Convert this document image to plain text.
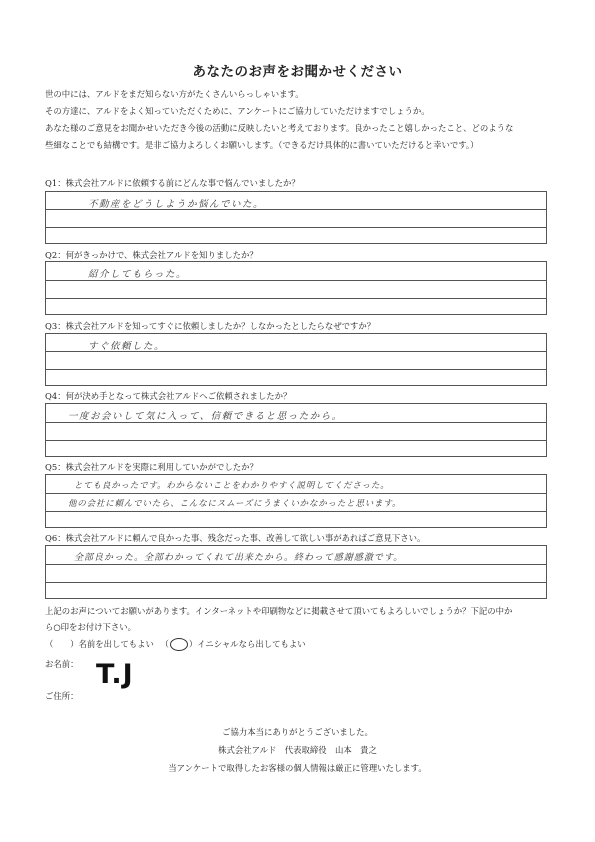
あなたのお声をお聞かせください

世の中には、アルドをまだ知らない方がたくさんいらっしゃいます。

その方達に、アルドをよく知っていただくために、アンケートにご協力していただけますでしょうか。

あなた様のご意見をお聞かせいただき今後の活動に反映したいと考えております。良かったこと嬉しかったこと、どのような

些細なことでも結構です。是非ご協力よろしくお願いします。（できるだけ具体的に書いていただけると幸いです。）

Q1：株式会社アルドに依頼する前にどんな事で悩んでいましたか？
不動産をどうしようか悩んでいた。
Q2：何がきっかけで、株式会社アルドを知りましたか？
紹介してもらった。
Q3：株式会社アルドを知ってすぐに依頼しましたか？しなかったとしたらなぜですか？
すぐ依頼した。
Q4：何が決め手となって株式会社アルドへご依頼されましたか？
一度お会いして気に入って、信頼できると思ったから。
Q5：株式会社アルドを実際に利用していかがでしたか？
とても良かったです。わからないことをわかりやすく説明してくださった。
他の会社に頼んでいたら、こんなにスムーズにうまくいかなかったと思います。
Q6：株式会社アルドに頼んで良かった事、残念だった事、改善して欲しい事があればご意見下さい。
全部良かった。全部わかってくれて出来たから。終わって感謝感激です。

上記のお声についてお願いがあります。インターネットや印刷物などに掲載させて頂いてもよろしいでしょうか？下記の中か

ら○印をお付け下さい。

（　　）名前を出してもよい （○）イニシャルなら出してもよい
お名前： T.J
ご住所：

ご協力本当にありがとうございました。

株式会社アルド　代表取締役　山本　貴之

当アンケートで取得したお客様の個人情報は厳正に管理いたします。
